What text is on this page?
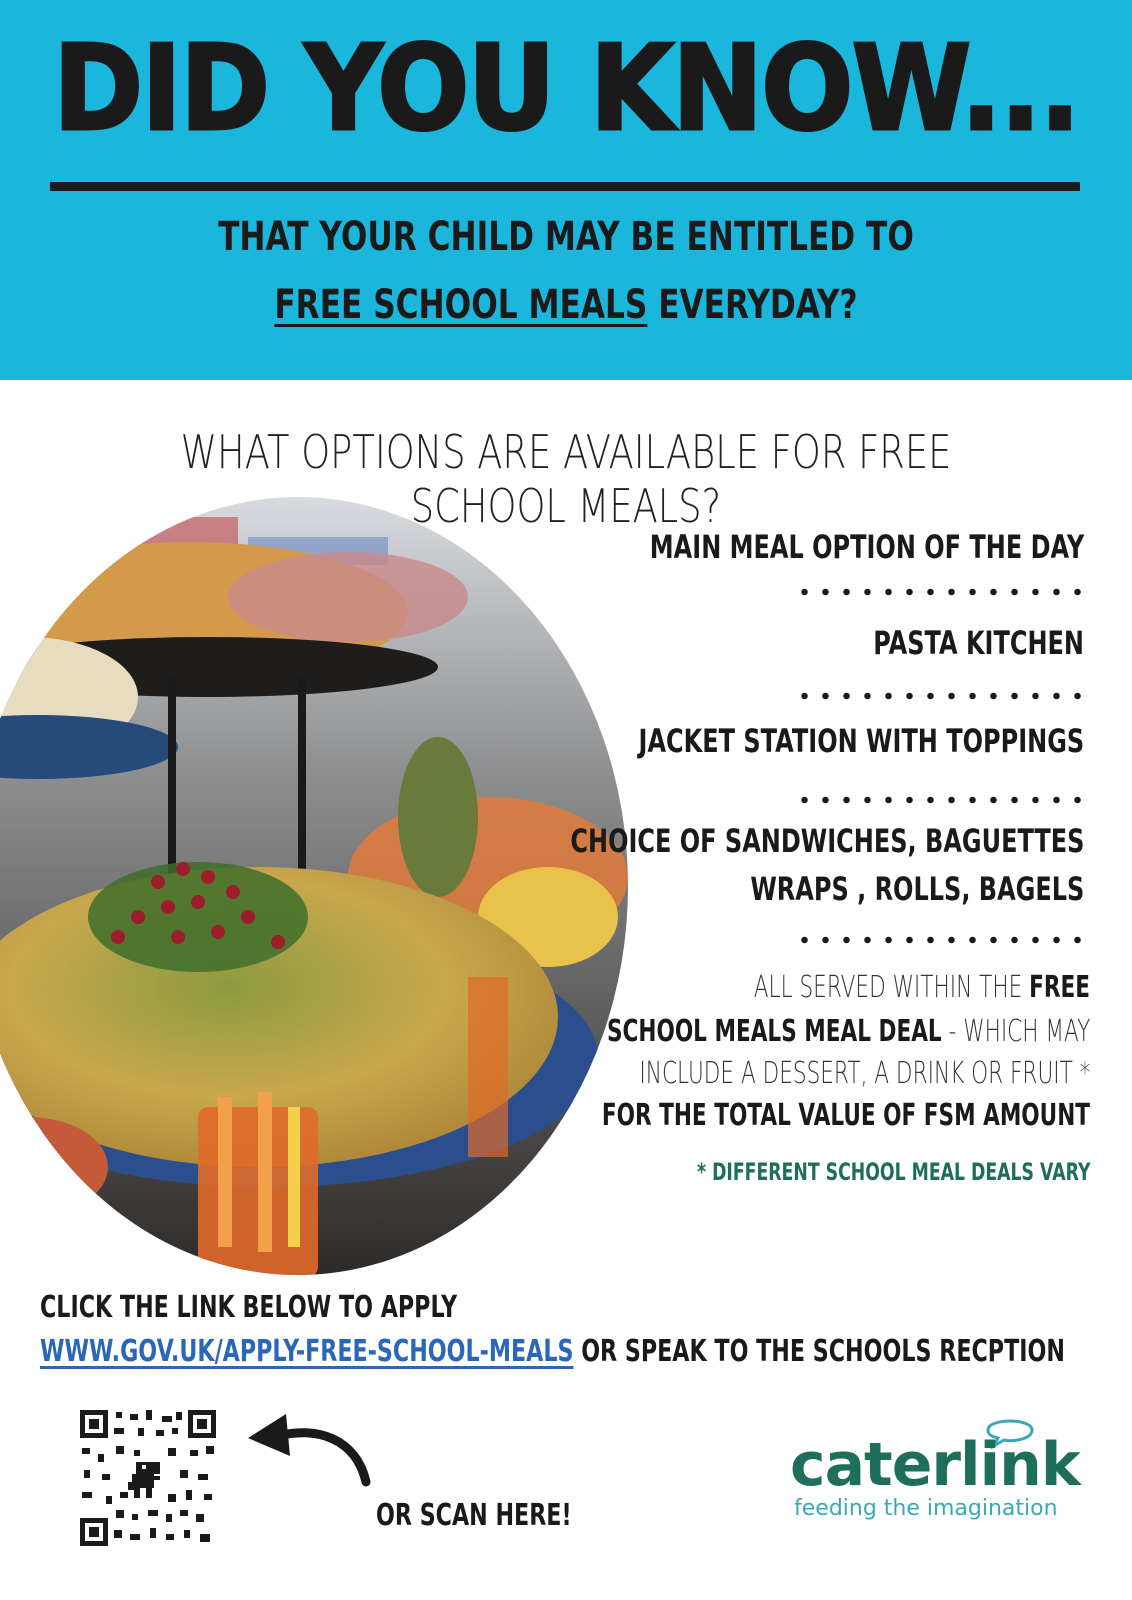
DID YOU KNOW...
THAT YOUR CHILD MAY BE ENTITLED TO
FREE SCHOOL MEALS EVERYDAY?
WHAT OPTIONS ARE AVAILABLE FOR FREE SCHOOL MEALS?
MAIN MEAL OPTION OF THE DAY
PASTA KITCHEN
JACKET STATION WITH TOPPINGS
CHOICE OF SANDWICHES, BAGUETTES
WRAPS , ROLLS, BAGELS
ALL SERVED WITHIN THE FREE
SCHOOL MEALS MEAL DEAL - WHICH MAY
INCLUDE A DESSERT, A DRINK OR FRUIT *
FOR THE TOTAL VALUE OF FSM AMOUNT
* DIFFERENT SCHOOL MEAL DEALS VARY
CLICK THE LINK BELOW TO APPLY
WWW.GOV.UK/APPLY-FREE-SCHOOL-MEALS OR SPEAK TO THE SCHOOLS RECPTION
OR SCAN HERE!
caterlink
feeding the imagination
